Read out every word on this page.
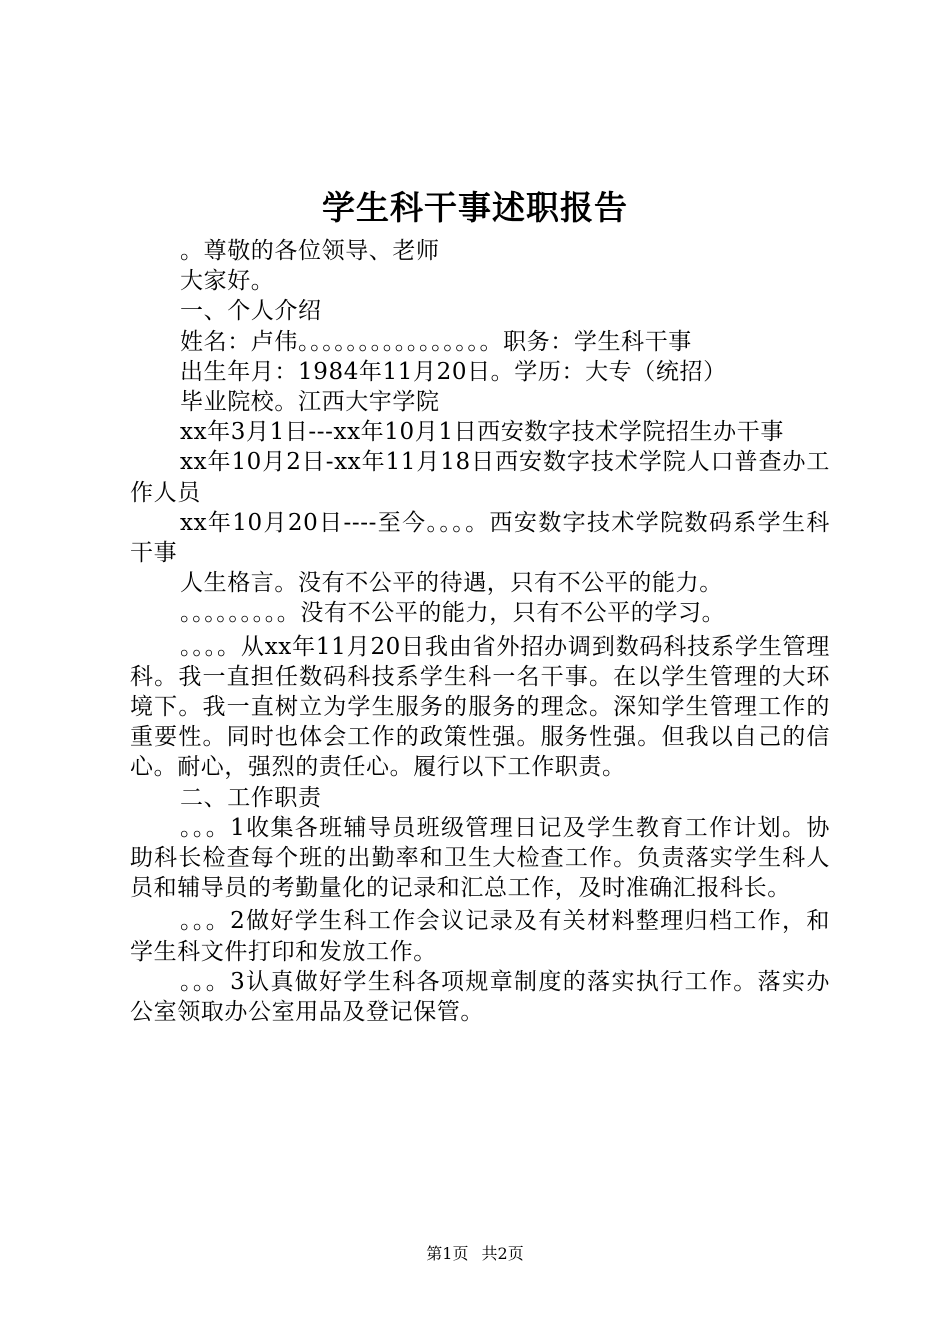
学生科干事述职报告

。尊敬的各位领导、老师

大家好。

一、个人介绍

姓名：卢伟。。。。。。。。。。。。。。。。职务：学生科干事

出生年月：1984年11月20日。学历：大专（统招）

毕业院校。江西大宇学院

xx年3月1日---xx年10月1日西安数字技术学院招生办干事

xx年10月2日-xx年11月18日西安数字技术学院人口普查办工作人员

xx年10月20日----至今。。。。西安数字技术学院数码系学生科干事

人生格言。没有不公平的待遇，只有不公平的能力。

。。。。。。。。。没有不公平的能力，只有不公平的学习。

。。。。从xx年11月20日我由省外招办调到数码科技系学生管理科。我一直担任数码科技系学生科一名干事。在以学生管理的大环境下。我一直树立为学生服务的服务的理念。深知学生管理工作的重要性。同时也体会工作的政策性强。服务性强。但我以自己的信心。耐心，强烈的责任心。履行以下工作职责。

二、工作职责

。。。1收集各班辅导员班级管理日记及学生教育工作计划。协助科长检查每个班的出勤率和卫生大检查工作。负责落实学生科人员和辅导员的考勤量化的记录和汇总工作，及时准确汇报科长。

。。。2做好学生科工作会议记录及有关材料整理归档工作，和学生科文件打印和发放工作。

。。。3认真做好学生科各项规章制度的落实执行工作。落实办公室领取办公室用品及登记保管。

第1页 共2页
